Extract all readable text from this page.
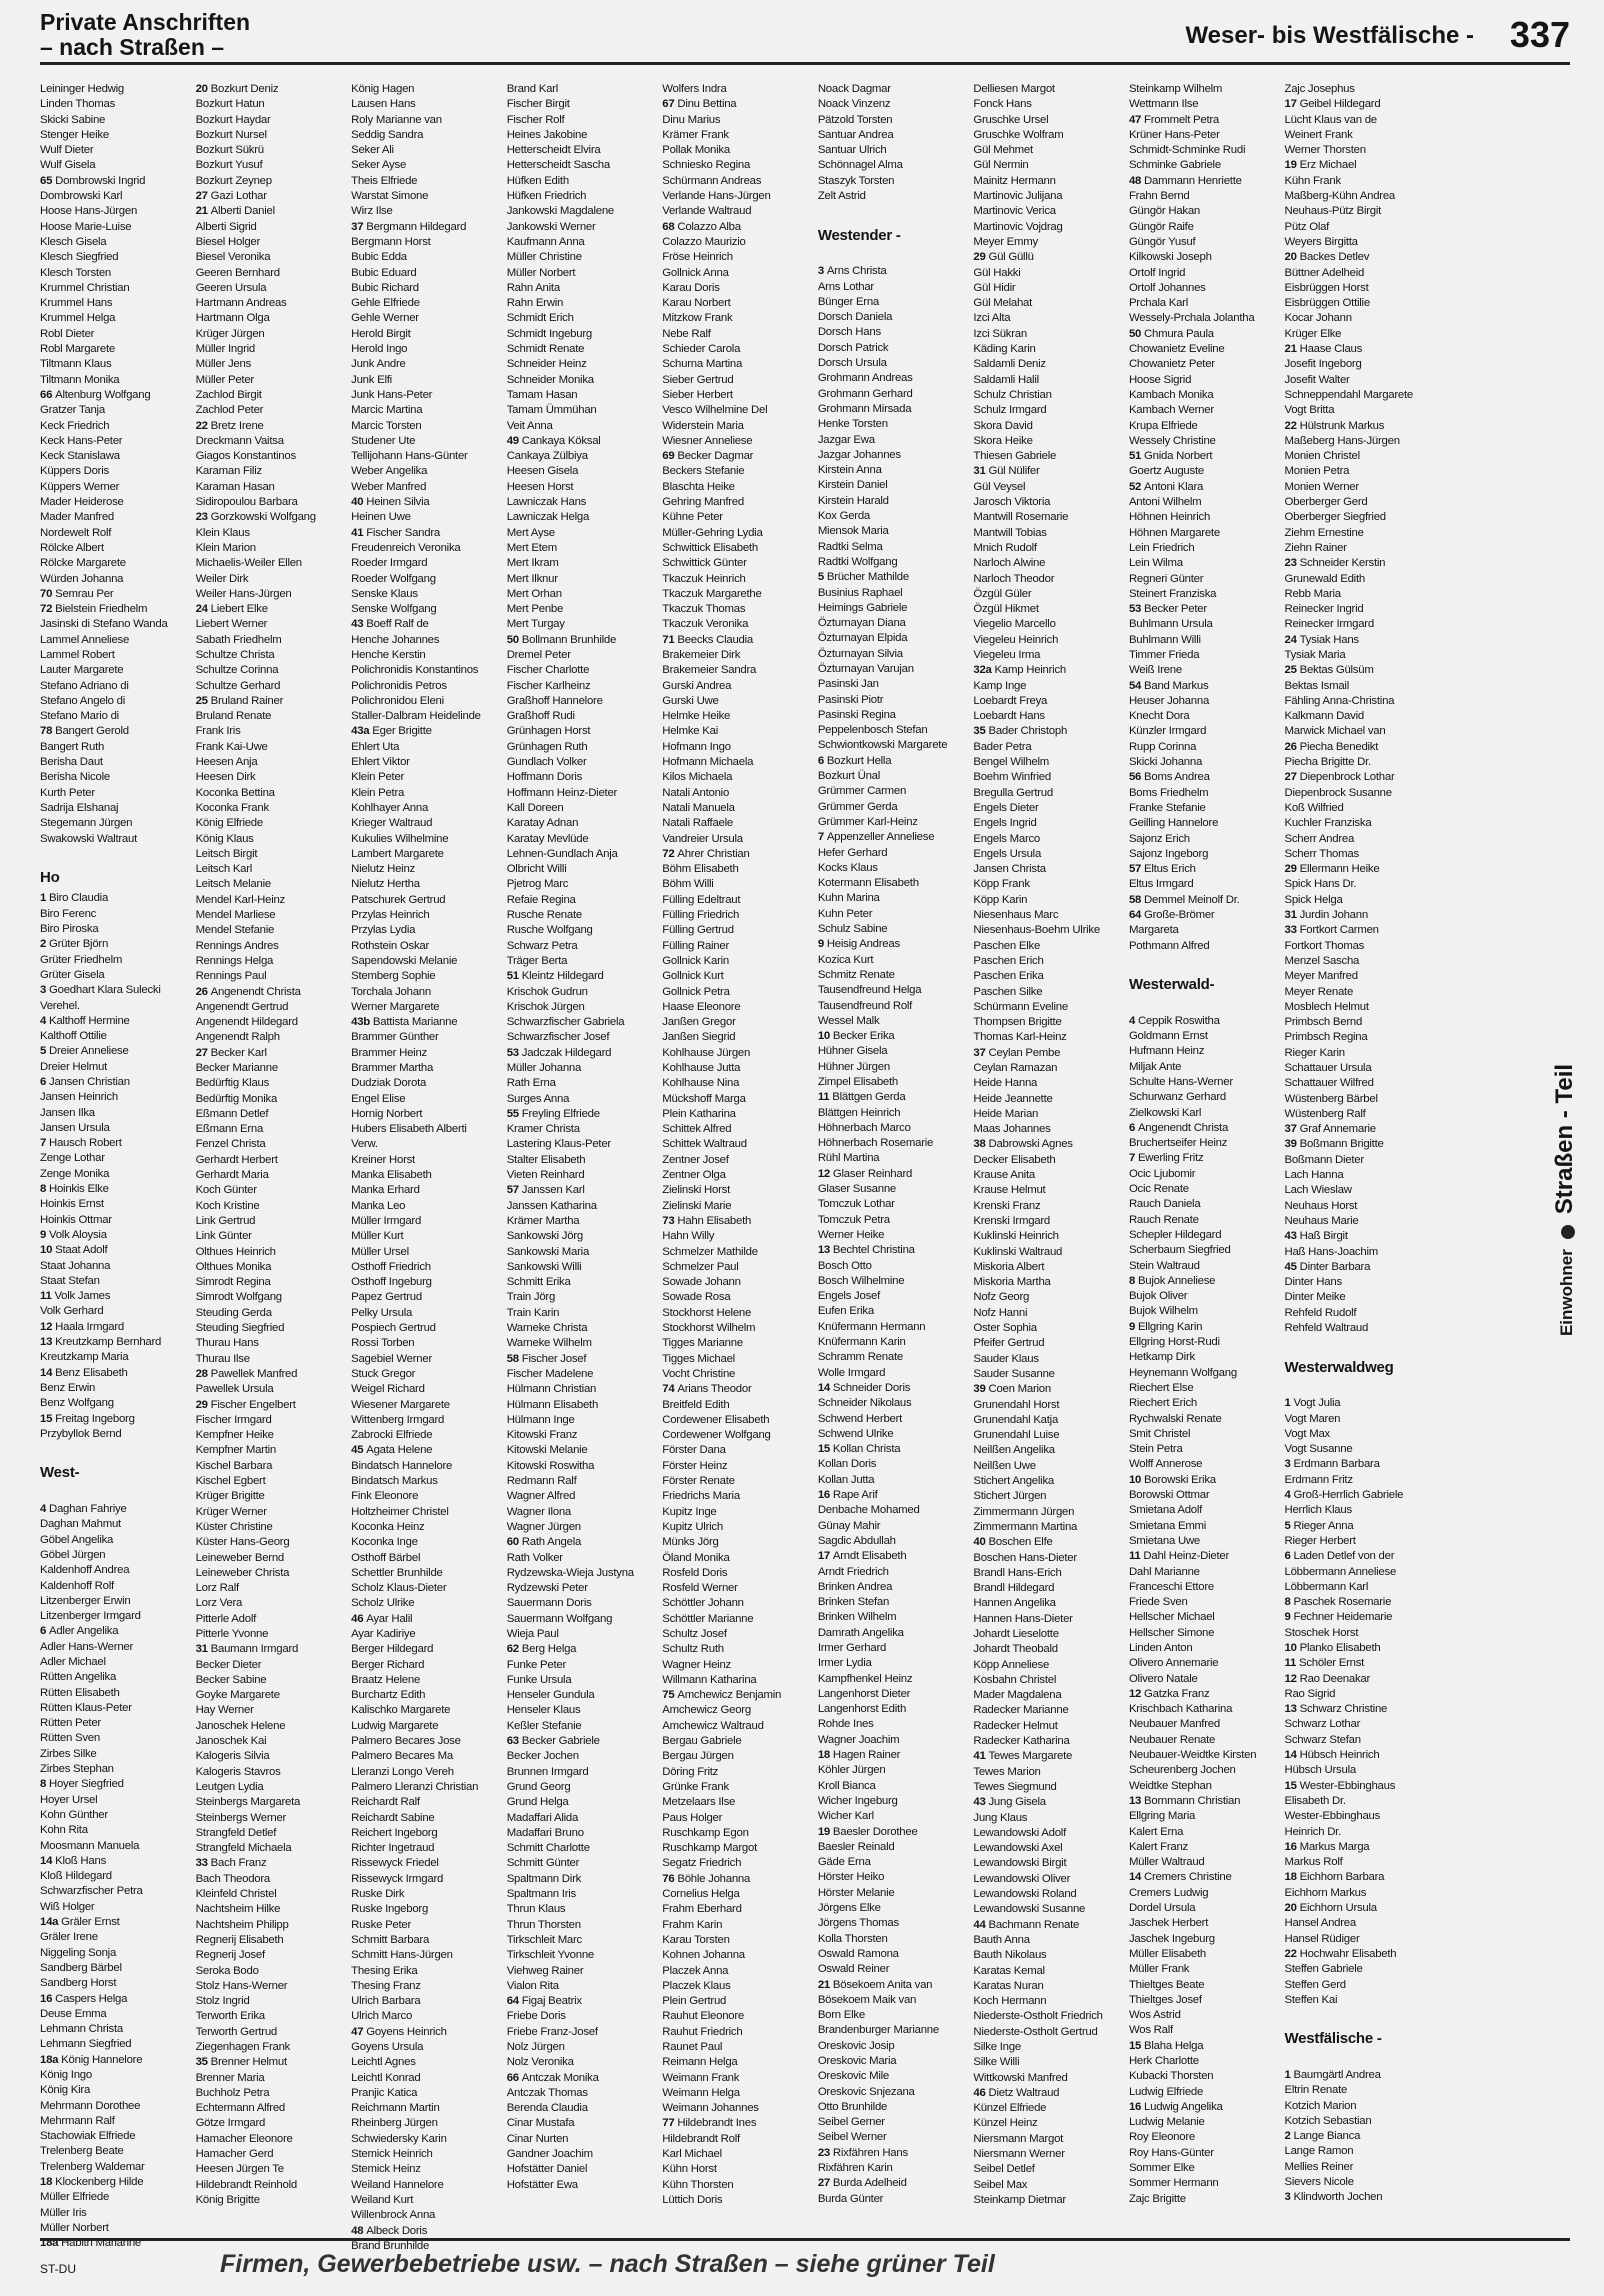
Private Anschriften
– nach Straßen –	Weser- bis Westfälische - 337
Leininger Hedwig
Linden Thomas
Skicki Sabine
Stenger Heike
Wulf Dieter
Wulf Gisela
65 Dombrowski Ingrid
Dombrowski Karl
Hoose Hans-Jürgen
Hoose Marie-Luise
Klesch Gisela
Klesch Siegfried
Klesch Torsten
Krummel Christian
Krummel Hans
Krummel Helga
Robl Dieter
Robl Margarete
Tiltmann Klaus
Tiltmann Monika
66 Altenburg Wolfgang
Gratzer Tanja
Keck Friedrich
Keck Hans-Peter
Keck Stanislawa
Küppers Doris
Küppers Werner
Mader Heiderose
Mader Manfred
Nordewelt Rolf
Rölcke Albert
Rölcke Margarete
Würden Johanna
70 Semrau Per
72 Bielstein Friedhelm
Jasinski di Stefano Wanda
Lammel Anneliese
Lammel Robert
Lauter Margarete
Stefano Adriano di
Stefano Angelo di
Stefano Mario di
78 Bangert Gerold
Bangert Ruth
Berisha Daut
Berisha Nicole
Kurth Peter
Sadrija Elshanaj
Stegemann Jürgen
Swakowski Waltraut

Ho
1 Biro Claudia
Biro Ferenc
Biro Piroska
2 Grüter Björn
Grüter Friedhelm
Grüter Gisela
3 Goedhart Klara Sulecki
Verehel.
4 Kalthoff Hermine
Kalthoff Ottilie
5 Dreier Anneliese
Dreier Helmut
6 Jansen Christian
Jansen Heinrich
Jansen Ilka
Jansen Ursula
7 Hausch Robert
Zenge Lothar
Zenge Monika
8 Hoinkis Elke
Hoinkis Ernst
Hoinkis Ottmar
9 Volk Aloysia
10 Staat Adolf
Staat Johanna
Staat Stefan
11 Volk James
Volk Gerhard
12 Haala Irmgard
13 Kreutzkamp Bernhard
Kreutzkamp Maria
14 Benz Elisabeth
Benz Erwin
Benz Wolfgang
15 Freitag Ingeborg
Przybyllok Bernd

West-

4 Daghan Fahriye
Daghan Mahmut
Göbel Angelika
Göbel Jürgen
Kaldenhoff Andrea
Kaldenhoff Rolf
Litzenberger Erwin
Litzenberger Irmgard
6 Adler Angelika
Adler Hans-Werner
Adler Michael
Rütten Angelika
Rütten Elisabeth
Rütten Klaus-Peter
Rütten Peter
Rütten Sven
Zirbes Silke
Zirbes Stephan
8 Hoyer Siegfried
Hoyer Ursel
Kohn Günther
Kohn Rita
Moosmann Manuela
14 Kloß Hans
Kloß Hildegard
Schwarzfischer Petra
Wiß Holger
14a Gräler Ernst
Gräler Irene
Niggeling Sonja
Sandberg Bärbel
Sandberg Horst
16 Caspers Helga
Deuse Emma
Lehmann Christa
Lehmann Siegfried
18a König Hannelore
König Ingo
König Kira
Mehrmann Dorothee
Mehrmann Ralf
Stachowiak Elfriede
Trelenberg Beate
Trelenberg Waldemar
18 Klockenberg Hilde
Müller Elfriede
Müller Iris
Müller Norbert
18a Habith Marianne
20 Bozkurt Deniz
Bozkurt Hatun
Bozkurt Haydar
Bozkurt Nursel
Bozkurt Sükrü
Bozkurt Yusuf
Bozkurt Zeynep
27 Gazi Lothar
21 Alberti Daniel
Alberti Sigrid
Biesel Holger
Biesel Veronika
Geeren Bernhard
Geeren Ursula
Hartmann Andreas
Hartmann Olga
Krüger Jürgen
Müller Ingrid
Müller Jens
Müller Peter
Zachlod Birgit
Zachlod Peter
22 Bretz Irene
Dreckmann Vaitsa
Giagos Konstantinos
Karaman Filiz
Karaman Hasan
Sidiropoulou Barbara
23 Gorzkowski Wolfgang
Klein Klaus
Klein Marion
Michaelis-Weiler Ellen
Weiler Dirk
Weiler Hans-Jürgen
24 Liebert Elke
Liebert Werner
Sabath Friedhelm
Schultze Christa
Schultze Corinna
Schultze Gerhard
25 Bruland Rainer
Bruland Renate
Frank Iris
Frank Kai-Uwe
Heesen Anja
Heesen Dirk
Koconka Bettina
Koconka Frank
König Elfriede
König Klaus
Leitsch Birgit
Leitsch Karl
Leitsch Melanie
Mendel Karl-Heinz
Mendel Marliese
Mendel Stefanie
Rennings Andres
Rennings Helga
Rennings Paul
26 Angenendt Christa
Angenendt Gertrud
Angenendt Hildegard
Angenendt Ralph
27 Becker Karl
Becker Marianne
Bedürftig Klaus
Bedürftig Monika
Eßmann Detlef
Eßmann Erna
Fenzel Christa
Gerhardt Herbert
Gerhardt Maria
Koch Günter
Koch Kristine
Link Gertrud
Link Günter
Olthues Heinrich
Olthues Monika
Simrodt Regina
Simrodt Wolfgang
Steuding Gerda
Steuding Siegfried
Thurau Hans
Thurau Ilse
28 Pawellek Manfred
Pawellek Ursula
29 Fischer Engelbert
Fischer Irmgard
Kempfner Heike
Kempfner Martin
Kischel Barbara
Kischel Egbert
Krüger Brigitte
Krüger Werner
Küster Christine
Küster Hans-Georg
Leineweber Bernd
Leineweber Christa
Lorz Ralf
Lorz Vera
Pitterle Adolf
Pitterle Yvonne
31 Baumann Irmgard
Becker Dieter
Becker Sabine
Goyke Margarete
Hay Werner
Janoschek Helene
Janoschek Kai
Kalogeris Silvia
Kalogeris Stavros
Leutgen Lydia
Steinbergs Margareta
Steinbergs Werner
Strangfeld Detlef
Strangfeld Michaela
33 Bach Franz
Bach Theodora
Kleinfeld Christel
Nachtsheim Hilke
Nachtsheim Philipp
Regnerij Elisabeth
Regnerij Josef
Seroka Bodo
Stolz Hans-Werner
Stolz Ingrid
Terworth Erika
Terworth Gertrud
Ziegenhagen Frank
35 Brenner Helmut
Brenner Maria
Buchholz Petra
Echtermann Alfred
Götze Irmgard
Hamacher Eleonore
Hamacher Gerd
Heesen Jürgen Te
Hildebrandt Reinhold
König Brigitte
König Hagen
Lausen Hans
Roly Marianne van
Seddig Sandra
Seker Ali
Seker Ayse
Theis Elfriede
Warstat Simone
Wirz Ilse
37 Bergmann Hildegard
Bergmann Horst
Bubic Edda
Bubic Eduard
Bubic Richard
Gehle Elfriede
Gehle Werner
Herold Birgit
Herold Ingo
Junk Andre
Junk Elfi
Junk Hans-Peter
Marcic Martina
Marcic Torsten
Studener Ute
Tellijohann Hans-Günter
Weber Angelika
Weber Manfred
40 Heinen Silvia
Heinen Uwe
41 Fischer Sandra
Freudenreich Veronika
Roeder Irmgard
Roeder Wolfgang
Senske Klaus
Senske Wolfgang
43 Boeff Ralf de
Henche Johannes
Henche Kerstin
Polichronidis Konstantinos
Polichronidis Petros
Polichronidou Eleni
Staller-Dalbram Heidelinde
43a Eger Brigitte
Ehlert Uta
Ehlert Viktor
Klein Peter
Klein Petra
Kohlhayer Anna
Krieger Waltraud
Kukulies Wilhelmine
Lambert Margarete
Nielutz Heinz
Nielutz Hertha
Patschurek Gertrud
Przylas Heinrich
Przylas Lydia
Rothstein Oskar
Sapendowski Melanie
Stemberg Sophie
Torchala Johann
Werner Margarete
43b Battista Marianne
Brammer Günther
Brammer Heinz
Brammer Martha
Dudziak Dorota
Engel Elise
Hornig Norbert
Hubers Elisabeth Alberti
Verw.
Kreiner Horst
Manka Elisabeth
Manka Erhard
Manka Leo
Müller Irmgard
Müller Kurt
Müller Ursel
Osthoff Friedrich
Osthoff Ingeburg
Papez Gertrud
Pelky Ursula
Pospiech Gertrud
Rossi Torben
Sagebiel Werner
Stuck Gregor
Weigel Richard
Wiesener Margarete
Wittenberg Irmgard
Zabrocki Elfriede
45 Agata Helene
Bindatsch Hannelore
Bindatsch Markus
Fink Eleonore
Holtzheimer Christel
Koconka Heinz
Koconka Inge
Osthoff Bärbel
Schettler Brunhilde
Scholz Klaus-Dieter
Scholz Ulrike
46 Ayar Halil
Ayar Kadiriye
Berger Hildegard
Berger Richard
Braatz Helene
Burchartz Edith
Kalischko Margarete
Ludwig Margarete
Palmero Becares Jose
Palmero Becares Ma
Lleranzi Longo Vereh
Palmero Lleranzi Christian
Reichardt Ralf
Reichardt Sabine
Reichert Ingeborg
Richter Ingetraud
Rissewyck Friedel
Rissewyck Irmgard
Ruske Dirk
Ruske Ingeborg
Ruske Peter
Schmitt Barbara
Schmitt Hans-Jürgen
Thesing Erika
Thesing Franz
Ulrich Barbara
Ulrich Marco
47 Goyens Heinrich
Goyens Ursula
Leichtl Agnes
Leichtl Konrad
Pranjic Katica
Reichmann Martin
Rheinberg Jürgen
Schwiedersky Karin
Stemick Heinrich
Stemick Heinz
Weiland Hannelore
Weiland Kurt
Willenbrock Anna
48 Albeck Doris
Brand Brunhilde
Brand Karl
Fischer Birgit
Fischer Rolf
Heines Jakobine
Hetterscheidt Elvira
Hetterscheidt Sascha
Hüfken Edith
Hüfken Friedrich
Jankowski Magdalene
Jankowski Werner
Kaufmann Anna
Müller Christine
Müller Norbert
Rahn Anita
Rahn Erwin
Schmidt Erich
Schmidt Ingeburg
Schmidt Renate
Schneider Heinz
Schneider Monika
Tamam Hasan
Tamam Ümmühan
Veit Anna
49 Cankaya Köksal
Cankaya Zülbiya
Heesen Gisela
Heesen Horst
Lawniczak Hans
Lawniczak Helga
Mert Ayse
Mert Etem
Mert Ikram
Mert Ilknur
Mert Orhan
Mert Penbe
Mert Turgay
50 Bollmann Brunhilde
Dremel Peter
Fischer Charlotte
Fischer Karlheinz
Graßhoff Hannelore
Graßhoff Rudi
Grünhagen Horst
Grünhagen Ruth
Gundlach Volker
Hoffmann Doris
Hoffmann Heinz-Dieter
Kall Doreen
Karatay Adnan
Karatay Mevlüde
Lehnen-Gundlach Anja
Olbricht Willi
Pjetrog Marc
Refaie Regina
Rusche Renate
Rusche Wolfgang
Schwarz Petra
Träger Berta
51 Kleintz Hildegard
Krischok Gudrun
Krischok Jürgen
Schwarzfischer Gabriela
Schwarzfischer Josef
53 Jadczak Hildegard
Müller Johanna
Rath Erna
Surges Anna
55 Freyling Elfriede
Kramer Christa
Lastering Klaus-Peter
Stalter Elisabeth
Vieten Reinhard
57 Janssen Karl
Janssen Katharina
Krämer Martha
Sankowski Jörg
Sankowski Maria
Sankowski Willi
Schmitt Erika
Train Jörg
Train Karin
Warneke Christa
Warneke Wilhelm
58 Fischer Josef
Fischer Madelene
Hülmann Christian
Hülmann Elisabeth
Hülmann Inge
Kitowski Franz
Kitowski Melanie
Kitowski Roswitha
Redmann Ralf
Wagner Alfred
Wagner Ilona
Wagner Jürgen
60 Rath Angela
Rath Volker
Rydzewska-Wieja Justyna
Rydzewski Peter
Sauermann Doris
Sauermann Wolfgang
Wieja Paul
62 Berg Helga
Funke Peter
Funke Ursula
Henseler Gundula
Henseler Klaus
Keßler Stefanie
63 Becker Gabriele
Becker Jochen
Brunnen Irmgard
Grund Georg
Grund Helga
Madaffari Alida
Madaffari Bruno
Schmitt Charlotte
Schmitt Günter
Spaltmann Dirk
Spaltmann Iris
Thrun Klaus
Thrun Thorsten
Tirkschleit Marc
Tirkschleit Yvonne
Viehweg Rainer
Vialon Rita
64 Figaj Beatrix
Friebe Doris
Friebe Franz-Josef
Nolz Jürgen
Nolz Veronika
66 Antczak Monika
Antczak Thomas
Berenda Claudia
Cinar Mustafa
Cinar Nurten
Gandner Joachim
Hofstätter Daniel
Hofstätter Ewa
Wolfers Indra
67 Dinu Bettina
Dinu Marius
Krämer Frank
Pollak Monika
Schniesko Regina
Schürmann Andreas
Verlande Hans-Jürgen
Verlande Waltraud
68 Colazzo Alba
Colazzo Maurizio
Fröse Heinrich
Gollnick Anna
Karau Doris
Karau Norbert
Mitzkow Frank
Nebe Ralf
Schieder Carola
Schurna Martina
Sieber Gertrud
Sieber Herbert
Vesco Wilhelmine Del
Widerstein Maria
Wiesner Anneliese
69 Becker Dagmar
Beckers Stefanie
Blaschta Heike
Gehring Manfred
Kühne Peter
Müller-Gehring Lydia
Schwittick Elisabeth
Schwittick Günter
Tkaczuk Heinrich
Tkaczuk Margarethe
Tkaczuk Thomas
Tkaczuk Veronika
71 Beecks Claudia
Brakemeier Dirk
Brakemeier Sandra
Gurski Andrea
Gurski Uwe
Helmke Heike
Helmke Kai
Hofmann Ingo
Hofmann Michaela
Kilos Michaela
Natali Antonio
Natali Manuela
Natali Raffaele
Vandreier Ursula
72 Ahrer Christian
Böhm Elisabeth
Böhm Willi
Fülling Edeltraut
Fülling Friedrich
Fülling Gertrud
Fülling Rainer
Gollnick Karin
Gollnick Kurt
Gollnick Petra
Haase Eleonore
Janßen Gregor
Janßen Siegrid
Kohlhause Jürgen
Kohlhause Jutta
Kohlhause Nina
Mückshoff Marga
Plein Katharina
Schittek Alfred
Schittek Waltraud
Zentner Josef
Zentner Olga
Zielinski Horst
Zielinski Marie
73 Hahn Elisabeth
Hahn Willy
Schmelzer Mathilde
Schmelzer Paul
Sowade Johann
Sowade Rosa
Stockhorst Helene
Stockhorst Wilhelm
Tigges Marianne
Tigges Michael
Vocht Christine
74 Arians Theodor
Breitfeld Edith
Cordewener Elisabeth
Cordewener Wolfgang
Förster Dana
Förster Heinz
Förster Renate
Friedrichs Maria
Kupitz Inge
Kupitz Ulrich
Münks Jörg
Öland Monika
Rosfeld Doris
Rosfeld Werner
Schöttler Johann
Schöttler Marianne
Schultz Josef
Schultz Ruth
Wagner Heinz
Willmann Katharina
75 Amchewicz Benjamin
Amchewicz Georg
Amchewicz Waltraud
Bergau Gabriele
Bergau Jürgen
Döring Fritz
Grünke Frank
Metzelaars Ilse
Paus Holger
Ruschkamp Egon
Ruschkamp Margot
Segatz Friedrich
76 Böhle Johanna
Cornelius Helga
Frahm Eberhard
Frahm Karin
Karau Torsten
Kohnen Johanna
Placzek Anna
Placzek Klaus
Plein Gertrud
Rauhut Eleonore
Rauhut Friedrich
Raunet Paul
Reimann Helga
Weimann Frank
Weimann Helga
Weimann Johannes
77 Hildebrandt Ines
Hildebrandt Rolf
Karl Michael
Kühn Horst
Kühn Thorsten
Lüttich Doris
Noack Dagmar
Noack Vinzenz
Pätzold Torsten
Santuar Andrea
Santuar Ulrich
Schönnagel Alma
Staszyk Torsten
Zelt Astrid

Westender -

3 Arns Christa
Arns Lothar
Bünger Erna
Dorsch Daniela
Dorsch Hans
Dorsch Patrick
Dorsch Ursula
Grohmann Andreas
Grohmann Gerhard
Grohmann Mirsada
Henke Torsten
Jazgar Ewa
Jazgar Johannes
Kirstein Anna
Kirstein Daniel
Kirstein Harald
Kox Gerda
Miensok Maria
Radtki Selma
Radtki Wolfgang
5 Brücher Mathilde
Businius Raphael
Heimings Gabriele
Özturnayan Diana
Özturnayan Elpida
Özturnayan Silvia
Özturnayan Varujan
Pasinski Jan
Pasinski Piotr
Pasinski Regina
Peppelenbosch Stefan
Schwiontkowski Margarete
6 Bozkurt Hella
Bozkurt Ünal
Grümmer Carmen
Grümmer Gerda
Grümmer Karl-Heinz
7 Appenzeller Anneliese
Hefer Gerhard
Kocks Klaus
Kotermann Elisabeth
Kuhn Marina
Kuhn Peter
Schulz Sabine
9 Heisig Andreas
Kozica Kurt
Schmitz Renate
Tausendfreund Helga
Tausendfreund Rolf
Wessel Malk
10 Becker Erika
Hühner Gisela
Hühner Jürgen
Zimpel Elisabeth
11 Blättgen Gerda
Blättgen Heinrich
Höhnerbach Marco
Höhnerbach Rosemarie
Rühl Martina
12 Glaser Reinhard
Glaser Susanne
Tomczuk Lothar
Tomczuk Petra
Werner Heike
13 Bechtel Christina
Bosch Otto
Bosch Wilhelmine
Engels Josef
Eufen Erika
Knüfermann Hermann
Knüfermann Karin
Schramm Renate
Wolle Irmgard
14 Schneider Doris
Schneider Nikolaus
Schwend Herbert
Schwend Ulrike
15 Kollan Christa
Kollan Doris
Kollan Jutta
16 Rape Arif
Denbache Mohamed
Günay Mahir
Sagdic Abdullah
17 Arndt Elisabeth
Arndt Friedrich
Brinken Andrea
Brinken Stefan
Brinken Wilhelm
Damrath Angelika
Irmer Gerhard
Irmer Lydia
Kampfhenkel Heinz
Langenhorst Dieter
Langenhorst Edith
Rohde Ines
Wagner Joachim
18 Hagen Rainer
Köhler Jürgen
Kroll Bianca
Wicher Ingeburg
Wicher Karl
19 Baesler Dorothee
Baesler Reinald
Gäde Erna
Hörster Heiko
Hörster Melanie
Jörgens Elke
Jörgens Thomas
Kolla Thorsten
Oswald Ramona
Oswald Reiner
21 Bösekoem Anita van
Bösekoem Maik van
Born Elke
Brandenburger Marianne
Oreskovic Josip
Oreskovic Maria
Oreskovic Mile
Oreskovic Snjezana
Otto Brunhilde
Seibel Gerner
Seibel Werner
23 Rixfähren Hans
Rixfähren Karin
27 Burda Adelheid
Burda Günter
Delliesen Margot
Fonck Hans
Gruschke Ursel
Gruschke Wolfram
Gül Mehmet
Gül Nermin
Mainitz Hermann
Martinovic Julijana
Martinovic Verica
Martinovic Vojdrag
Meyer Emmy
29 Gül Güllü
Gül Hakki
Gül Hidir
Gül Melahat
Izci Alta
Izci Sükran
Käding Karin
Saldamli Deniz
Saldamli Halil
Schulz Christian
Schulz Irmgard
Skora David
Skora Heike
Thiesen Gabriele
31 Gül Nülifer
Gül Veysel
Jarosch Viktoria
Mantwill Rosemarie
Mantwill Tobias
Mnich Rudolf
Narloch Alwine
Narloch Theodor
Özgül Güler
Özgül Hikmet
Viegelio Marcello
Viegeleu Heinrich
Viegeleu Irma
32a Kamp Heinrich
Kamp Inge
Loebardt Freya
Loebardt Hans
35 Bader Christoph
Bader Petra
Bengel Wilhelm
Boehm Winfried
Bregulla Gertrud
Engels Dieter
Engels Ingrid
Engels Marco
Engels Ursula
Jansen Christa
Köpp Frank
Köpp Karin
Niesenhaus Marc
Niesenhaus-Boehm Ulrike
Paschen Elke
Paschen Erich
Paschen Erika
Paschen Silke
Schürmann Eveline
Thompsen Brigitte
Thomas Karl-Heinz
37 Ceylan Pembe
Ceylan Ramazan
Heide Hanna
Heide Jeannette
Heide Marian
Maas Johannes
38 Dabrowski Agnes
Decker Elisabeth
Krause Anita
Krause Helmut
Krenski Franz
Krenski Irmgard
Kuklinski Heinrich
Kuklinski Waltraud
Miskoria Albert
Miskoria Martha
Nofz Georg
Nofz Hanni
Oster Sophia
Pfeifer Gertrud
Sauder Klaus
Sauder Susanne
39 Coen Marion
Grunendahl Horst
Grunendahl Katja
Grunendahl Luise
Neilßen Angelika
Neilßen Uwe
Stichert Angelika
Stichert Jürgen
Zimmermann Jürgen
Zimmermann Martina
40 Boschen Elfe
Boschen Hans-Dieter
Brandl Hans-Erich
Brandl Hildegard
Hannen Angelika
Hannen Hans-Dieter
Johardt Lieselotte
Johardt Theobald
Köpp Anneliese
Kosbahn Christel
Mader Magdalena
Radecker Marianne
Radecker Helmut
Radecker Katharina
41 Tewes Margarete
Tewes Marion
Tewes Siegmund
43 Jung Gisela
Jung Klaus
Lewandowski Adolf
Lewandowski Axel
Lewandowski Birgit
Lewandowski Oliver
Lewandowski Roland
Lewandowski Susanne
44 Bachmann Renate
Bauth Anna
Bauth Nikolaus
Karatas Kemal
Karatas Nuran
Koch Hermann
Niederste-Ostholt Friedrich
Niederste-Ostholt Gertrud
Silke Inge
Silke Willi
Wittkowski Manfred
46 Dietz Waltraud
Künzel Elfriede
Künzel Heinz
Niersmann Margot
Niersmann Werner
Seibel Detlef
Seibel Max
Steinkamp Dietmar
Steinkamp Wilhelm
Wettmann Ilse
47 Frommelt Petra
Krüner Hans-Peter
Schmidt-Schminke Rudi
Schminke Gabriele
48 Dammann Henriette
Frahn Bernd
Güngör Hakan
Güngör Raife
Güngör Yusuf
Kilkowski Joseph
Ortolf Ingrid
Ortolf Johannes
Prchala Karl
Wessely-Prchala Jolantha
50 Chmura Paula
Chowanietz Eveline
Chowanietz Peter
Hoose Sigrid
Kambach Monika
Kambach Werner
Krupa Elfriede
Wessely Christine
51 Gnida Norbert
Goertz Auguste
52 Antoni Klara
Antoni Wilhelm
Höhnen Heinrich
Höhnen Margarete
Lein Friedrich
Lein Wilma
Regneri Günter
Steinert Franziska
53 Becker Peter
Buhlmann Ursula
Buhlmann Willi
Timmer Frieda
Weiß Irene
54 Band Markus
Heuser Johanna
Knecht Dora
Künzler Irmgard
Rupp Corinna
Skicki Johanna
56 Boms Andrea
Boms Friedhelm
Franke Stefanie
Geilling Hannelore
Sajonz Erich
Sajonz Ingeborg
57 Eltus Erich
Eltus Irmgard
58 Demmel Meinolf Dr.
64 Große-Brömer
Margareta
Pothmann Alfred

Westerwald-

4 Ceppik Roswitha
Goldmann Ernst
Hufmann Heinz
Miljak Ante
Schulte Hans-Werner
Schurwanz Gerhard
Zielkowski Karl
6 Angenendt Christa
Bruchertseifer Heinz
7 Ewerling Fritz
Ocic Ljubomir
Ocic Renate
Rauch Daniela
Rauch Renate
Schepler Hildegard
Scherbaum Siegfried
Stein Waltraud
8 Bujok Anneliese
Bujok Oliver
Bujok Wilhelm
9 Ellgring Karin
Ellgring Horst-Rudi
Hetkamp Dirk
Heynemann Wolfgang
Riechert Else
Riechert Erich
Rychwalski Renate
Smit Christel
Stein Petra
Wolff Annerose
10 Borowski Erika
Borowski Ottmar
Smietana Adolf
Smietana Emmi
Smietana Uwe
11 Dahl Heinz-Dieter
Dahl Marianne
Franceschi Ettore
Friede Sven
Hellscher Michael
Hellscher Simone
Linden Anton
Olivero Annemarie
Olivero Natale
12 Gatzka Franz
Krischbach Katharina
Neubauer Manfred
Neubauer Renate
Neubauer-Weidtke Kirsten
Scheurenberg Jochen
Weidtke Stephan
13 Bornmann Christian
Ellgring Maria
Kalert Erna
Kalert Franz
Müller Waltraud
14 Cremers Christine
Cremers Ludwig
Dordel Ursula
Jaschek Herbert
Jaschek Ingeburg
Müller Elisabeth
Müller Frank
Thieltges Beate
Thieltges Josef
Wos Astrid
Wos Ralf
15 Blaha Helga
Herk Charlotte
Kubacki Thorsten
Ludwig Elfriede
16 Ludwig Angelika
Ludwig Melanie
Roy Eleonore
Roy Hans-Günter
Sommer Elke
Sommer Hermann
Zajc Brigitte
Zajc Josephus
17 Geibel Hildegard
Lücht Klaus van de
Weinert Frank
Werner Thorsten
19 Erz Michael
Kühn Frank
Maßberg-Kühn Andrea
Neuhaus-Pütz Birgit
Pütz Olaf
Weyers Birgitta
20 Backes Detlev
Büttner Adelheid
Eisbrüggen Horst
Eisbrüggen Ottilie
Kocar Johann
Krüger Elke
21 Haase Claus
Josefit Ingeborg
Josefit Walter
Schneppendahl Margarete
Vogt Britta
22 Hülstrunk Markus
Maßeberg Hans-Jürgen
Monien Christel
Monien Petra
Monien Werner
Oberberger Gerd
Oberberger Siegfried
Ziehm Ernestine
Ziehn Rainer
23 Schneider Kerstin
Grunewald Edith
Rebb Maria
Reinecker Ingrid
Reinecker Irmgard
24 Tysiak Hans
Tysiak Maria
25 Bektas Gülsüm
Bektas Ismail
Fähling Anna-Christina
Kalkmann David
Marwick Michael van
26 Piecha Benedikt
Piecha Brigitte Dr.
27 Diepenbrock Lothar
Diepenbrock Susanne
Koß Wilfried
Kuchler Franziska
Scherr Andrea
Scherr Thomas
29 Ellermann Heike
Spick Hans Dr.
Spick Helga
31 Jurdin Johann
33 Fortkort Carmen
Fortkort Thomas
Menzel Sascha
Meyer Manfred
Meyer Renate
Mosblech Helmut
Primbsch Bernd
Primbsch Regina
Rieger Karin
Schattauer Ursula
Schattauer Wilfred
Wüstenberg Bärbel
Wüstenberg Ralf
37 Graf Annemarie
39 Boßmann Brigitte
Boßmann Dieter
Lach Hanna
Lach Wieslaw
Neuhaus Horst
Neuhaus Marie
43 Haß Birgit
Haß Hans-Joachim
45 Dinter Barbara
Dinter Hans
Dinter Meike
Rehfeld Rudolf
Rehfeld Waltraud

Westerwaldweg

1 Vogt Julia
Vogt Maren
Vogt Max
Vogt Susanne
3 Erdmann Barbara
Erdmann Fritz
4 Groß-Herrlich Gabriele
Herrlich Klaus
5 Rieger Anna
Rieger Herbert
6 Laden Detlef von der
Löbbermann Anneliese
Löbbermann Karl
8 Paschek Rosemarie
9 Fechner Heidemarie
Stoschek Horst
10 Planko Elisabeth
11 Schöler Ernst
12 Rao Deenakar
Rao Sigrid
13 Schwarz Christine
Schwarz Lothar
Schwarz Stefan
14 Hübsch Heinrich
Hübsch Ursula
15 Wester-Ebbinghaus
Elisabeth Dr.
Wester-Ebbinghaus
Heinrich Dr.
16 Markus Marga
Markus Rolf
18 Eichhorn Barbara
Eichhorn Markus
20 Eichhorn Ursula
Hansel Andrea
Hansel Rüdiger
22 Hochwahr Elisabeth
Steffen Gabriele
Steffen Gerd
Steffen Kai

Westfälische -

1 Baumgärtl Andrea
Eltrin Renate
Kotzich Marion
Kotzich Sebastian
2 Lange Bianca
Lange Ramon
Mellies Reiner
Sievers Nicole
3 Klindworth Jochen
Einwohner  Straßen - Teil
ST-DU	Firmen, Gewerbebetriebe usw. – nach Straßen – siehe grüner Teil
